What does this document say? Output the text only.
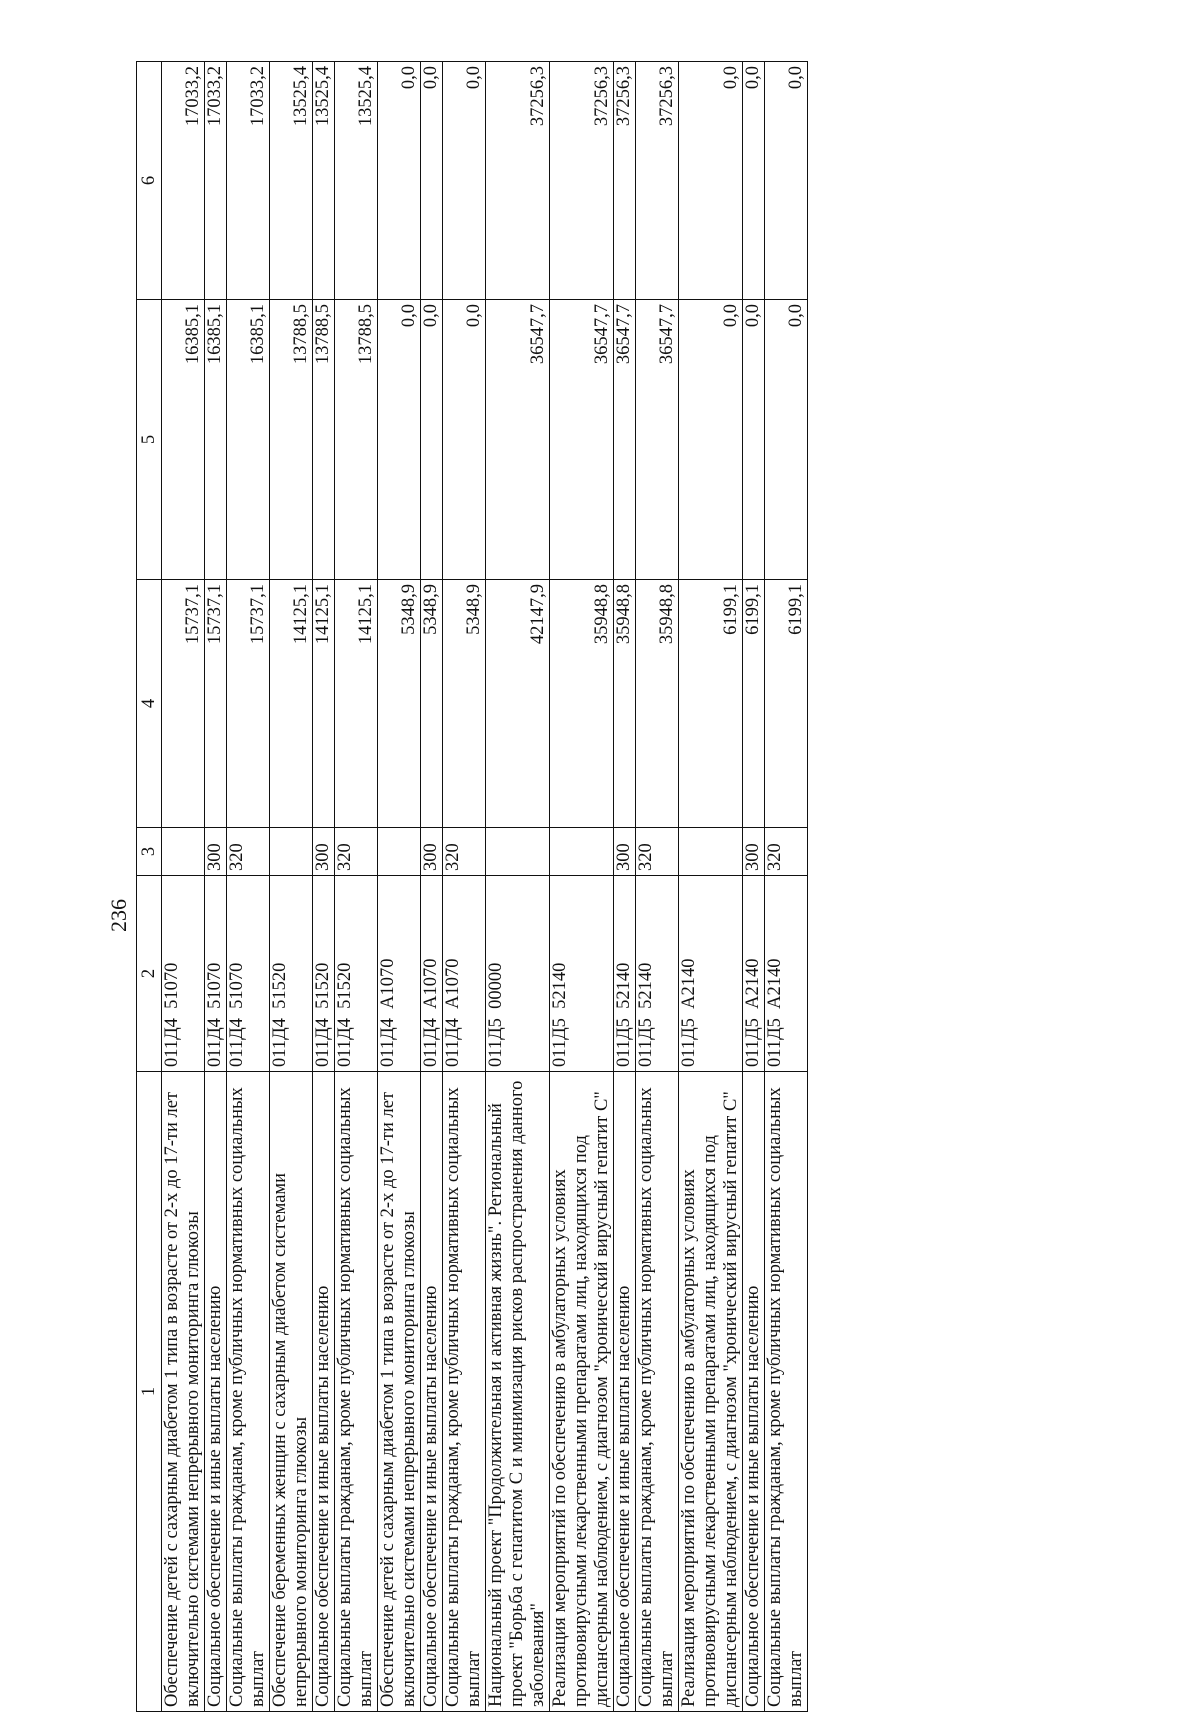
236
1	2	3	4	5	6
Обеспечение детей с сахарным диабетом 1 типа в возрасте от 2-х до 17-ти лет включительно системами непрерывного мониторинга глюкозы	011Д4  51070		15737,1	16385,1	17033,2
Социальное обеспечение и иные выплаты населению	011Д4  51070	300	15737,1	16385,1	17033,2
Социальные выплаты гражданам, кроме публичных нормативных социальных выплат	011Д4  51070	320	15737,1	16385,1	17033,2
Обеспечение беременных женщин с сахарным диабетом системами непрерывного мониторинга глюкозы	011Д4  51520		14125,1	13788,5	13525,4
Социальное обеспечение и иные выплаты населению	011Д4  51520	300	14125,1	13788,5	13525,4
Социальные выплаты гражданам, кроме публичных нормативных социальных выплат	011Д4  51520	320	14125,1	13788,5	13525,4
Обеспечение детей с сахарным диабетом 1 типа в возрасте от 2-х до 17-ти лет включительно системами непрерывного мониторинга глюкозы	011Д4  А1070		5348,9	0,0	0,0
Социальное обеспечение и иные выплаты населению	011Д4  А1070	300	5348,9	0,0	0,0
Социальные выплаты гражданам, кроме публичных нормативных социальных выплат	011Д4  А1070	320	5348,9	0,0	0,0
Национальный проект "Продолжительная и активная жизнь". Региональный проект "Борьба с гепатитом С и минимизация рисков распространения данного заболевания"	011Д5  00000		42147,9	36547,7	37256,3
Реализация мероприятий по обеспечению в амбулаторных условиях противовирусными лекарственными препаратами лиц, находящихся под диспансерным наблюдением, с диагнозом "хронический вирусный гепатит С"	011Д5  52140		35948,8	36547,7	37256,3
Социальное обеспечение и иные выплаты населению	011Д5  52140	300	35948,8	36547,7	37256,3
Социальные выплаты гражданам, кроме публичных нормативных социальных выплат	011Д5  52140	320	35948,8	36547,7	37256,3
Реализация мероприятий по обеспечению в амбулаторных условиях противовирусными лекарственными препаратами лиц, находящихся под диспансерным наблюдением, с диагнозом "хронический вирусный гепатит С"	011Д5  А2140		6199,1	0,0	0,0
Социальное обеспечение и иные выплаты населению	011Д5  А2140	300	6199,1	0,0	0,0
Социальные выплаты гражданам, кроме публичных нормативных социальных выплат	011Д5  А2140	320	6199,1	0,0	0,0
